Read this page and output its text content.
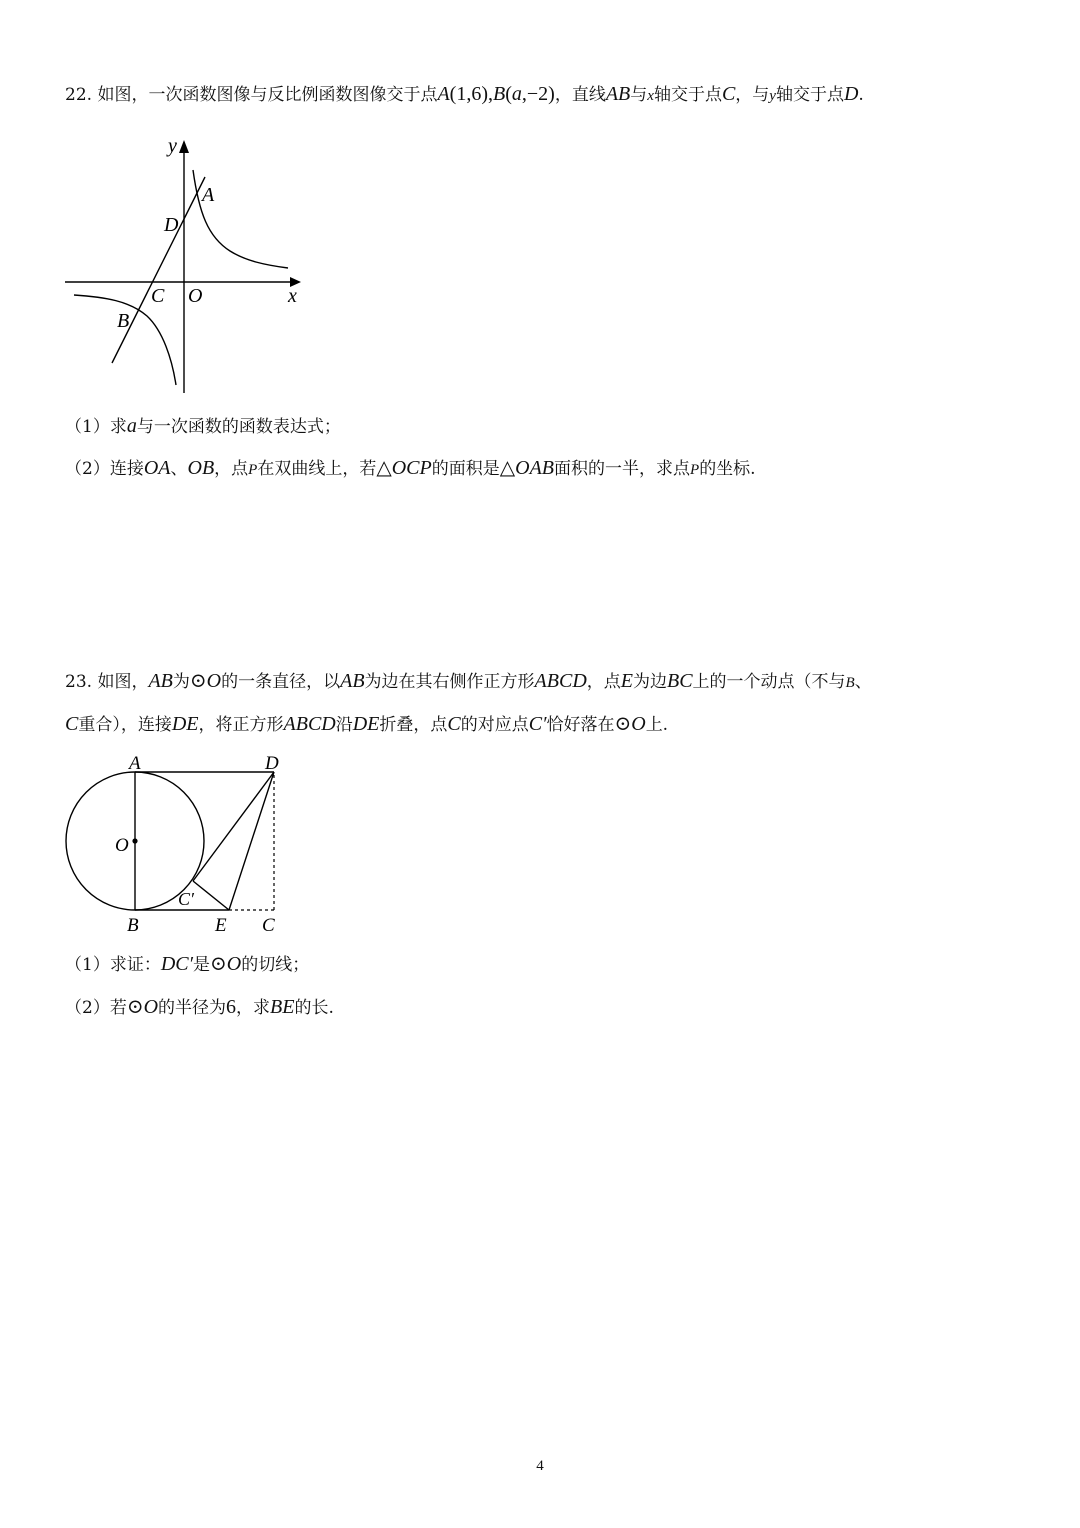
22. 如图，一次函数图像与反比例函数图像交于点A(1,6),B(a,−2)，直线AB与x轴交于点C，与y轴交于点D.
y
A
D
C O	x
B
（1）求a与一次函数的函数表达式；
（2）连接OA、OB，点P在双曲线上，若△OCP的面积是△OAB面积的一半，求点P的坐标.
23. 如图，AB为⊙O的一条直径，以AB为边在其右侧作正方形ABCD，点E为边BC上的一个动点（不与B、
C重合），连接DE，将正方形ABCD沿DE折叠，点C的对应点C′恰好落在⊙O上.
A	D
O
C′
B	E C
（1）求证：DC′是⊙O的切线；
（2）若⊙O的半径为6，求BE的长.
4
